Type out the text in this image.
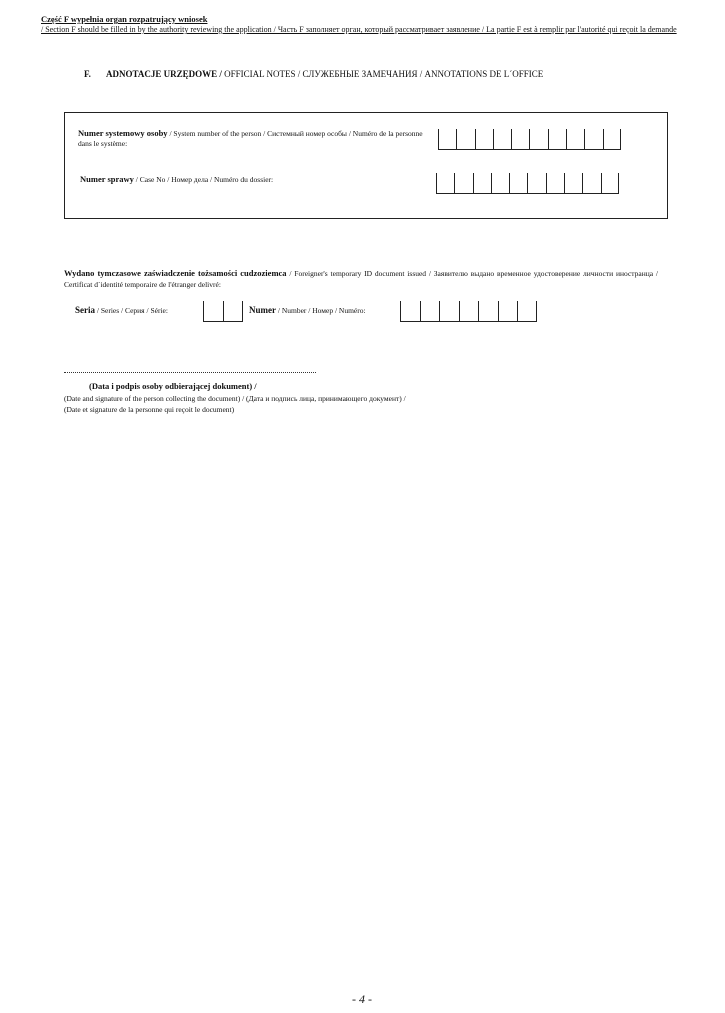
Część F wypełnia organ rozpatrujący wniosek
/ Section F should be filled in by the authority reviewing the application / Часть F заполняет орган, который рассматривает заявление / La partie F est à remplir par l'autorité qui reçoit la demande
F. ADNOTACJE URZĘDOWE / OFFICIAL NOTES / СЛУЖЕБНЫЕ ЗАМЕЧАНИЯ / ANNOTATIONS DE L´OFFICE
Numer systemowy osoby / System number of the person / Системный номер особы / Numéro de la personne dans le système:
Numer sprawy / Case No / Номер дела / Numéro du dossier:
Wydano tymczasowe zaświadczenie tożsamości cudzoziemca / Foreigner's temporary ID document issued / Заявителю выдано временное удостоверение личности иностранца / Certificat d´identité temporaire de l'étranger delivré:
Seria / Series / Серия / Série:	Numer / Number / Номер / Numéro:
(Data i podpis osoby odbierającej dokument) /
(Date and signature of the person collecting the document) / (Дата и подпись лица, принимающего документ) /
(Date et signature de la personne qui reçoit le document)
- 4 -
